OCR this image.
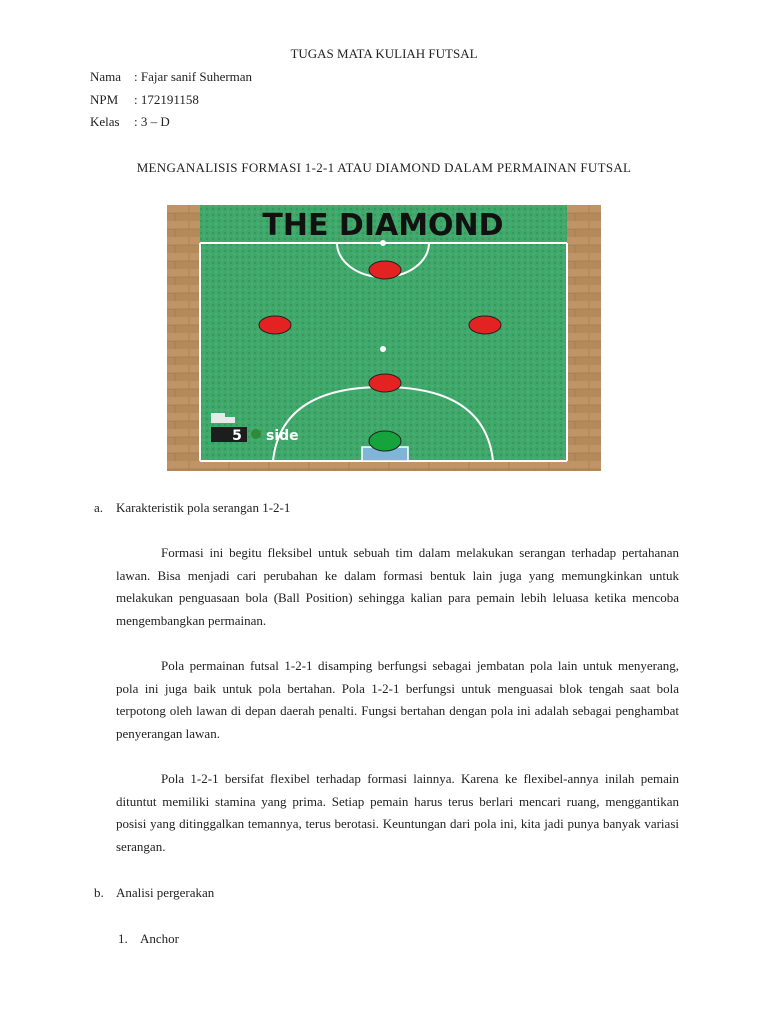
TUGAS MATA KULIAH FUTSAL
Nama : Fajar sanif Suherman
NPM : 172191158
Kelas : 3 – D
MENGANALISIS FORMASI 1-2-1 ATAU DIAMOND DALAM PERMAINAN FUTSAL
THE DIAMOND
5 side
a. Karakteristik pola serangan 1-2-1
Formasi ini begitu fleksibel untuk sebuah tim dalam melakukan serangan terhadap pertahanan lawan. Bisa menjadi cari perubahan ke dalam formasi bentuk lain juga yang memungkinkan untuk melakukan penguasaan bola (Ball Position) sehingga kalian para pemain lebih leluasa ketika mencoba mengembangkan permainan.
Pola permainan futsal 1-2-1 disamping berfungsi sebagai jembatan pola lain untuk menyerang, pola ini juga baik untuk pola bertahan. Pola 1-2-1 berfungsi untuk menguasai blok tengah saat bola terpotong oleh lawan di depan daerah penalti. Fungsi bertahan dengan pola ini adalah sebagai penghambat penyerangan lawan.
Pola 1-2-1 bersifat flexibel terhadap formasi lainnya. Karena ke flexibel-annya inilah pemain dituntut memiliki stamina yang prima. Setiap pemain harus terus berlari mencari ruang, menggantikan posisi yang ditinggalkan temannya, terus berotasi. Keuntungan dari pola ini, kita jadi punya banyak variasi serangan.
b. Analisi pergerakan
1. Anchor
